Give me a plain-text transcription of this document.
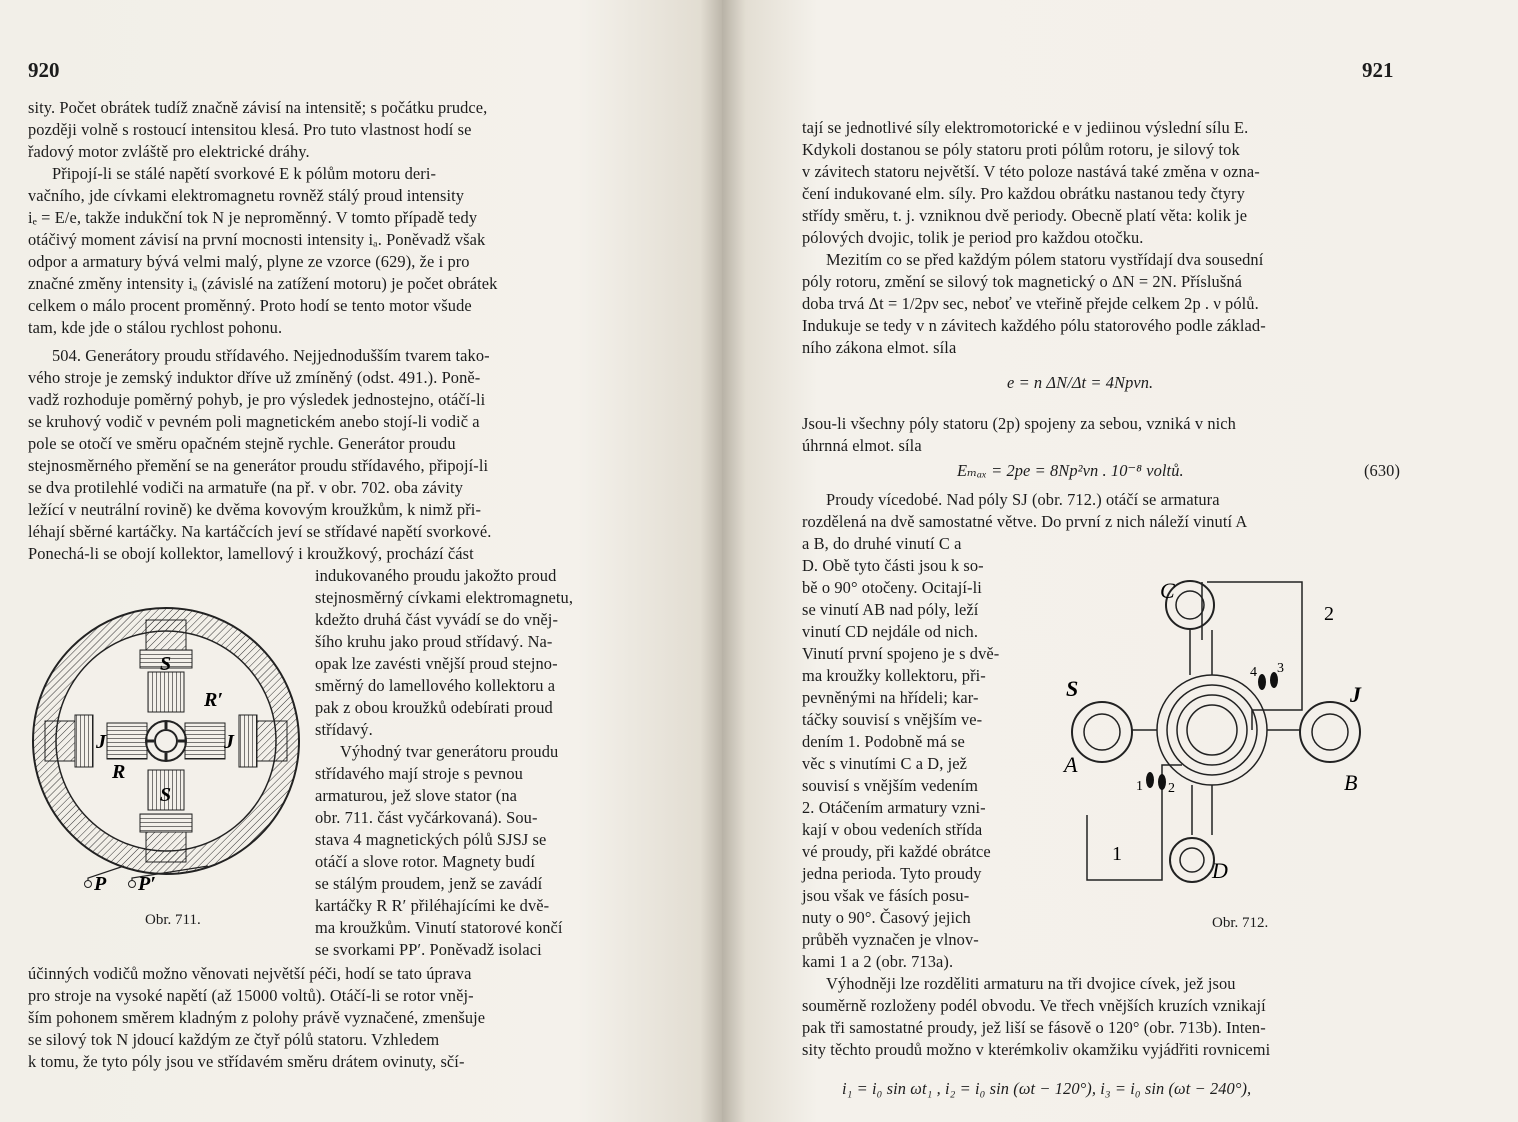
920
sity. Počet obrátek tudíž značně závisí na intensitě; s počátku prudce,
později volně s rostoucí intensitou klesá. Pro tuto vlastnost hodí se
řadový motor zvláště pro elektrické dráhy.
Připojí-li se stálé napětí svorkové E k pólům motoru deri-
vačního, jde cívkami elektromagnetu rovněž stálý proud intensity
iₑ = E/e, takže indukční tok N je neproměnný. V tomto případě tedy
otáčivý moment závisí na první mocnosti intensity iₐ. Poněvadž však
odpor a armatury bývá velmi malý, plyne ze vzorce (629), že i pro
značné změny intensity iₐ (závislé na zatížení motoru) je počet obrátek
celkem o málo procent proměnný. Proto hodí se tento motor všude
tam, kde jde o stálou rychlost pohonu.
504. Generátory proudu střídavého. Nejjednodušším tvarem tako-
vého stroje je zemský induktor dříve už zmíněný (odst. 491.). Poně-
vadž rozhoduje poměrný pohyb, je pro výsledek jednostejno, otáčí-li
se kruhový vodič v pevném poli magnetickém anebo stojí-li vodič a
pole se otočí ve směru opačném stejně rychle. Generátor proudu
stejnosměrného přemění se na generátor proudu střídavého, připojí-li
se dva protilehlé vodiči na armatuře (na př. v obr. 702. oba závity
ležící v neutrální rovině) ke dvěma kovovým kroužkům, k nimž při-
léhají sběrné kartáčky. Na kartáčcích jeví se střídavé napětí svorkové.
Ponechá-li se obojí kollektor, lamellový i kroužkový, prochází část
indukovaného proudu jakožto proud
stejnosměrný cívkami elektromagnetu,
kdežto druhá část vyvádí se do vněj-
šího kruhu jako proud střídavý. Na-
opak lze zavésti vnější proud stejno-
směrný do lamellového kollektoru a
pak z obou kroužků odebírati proud
střídavý.
Výhodný tvar generátoru proudu
střídavého mají stroje s pevnou
armaturou, jež slove stator (na
obr. 711. část vyčárkovaná). Sou-
stava 4 magnetických pólů SJSJ se
otáčí a slove rotor. Magnety budí
se stálým proudem, jenž se zavádí
kartáčky R R′ přiléhajícími ke dvě-
ma kroužkům. Vinutí statorové končí
se svorkami PP′. Poněvadž isolaci
účinných vodičů možno věnovati největší péči, hodí se tato úprava
pro stroje na vysoké napětí (až 15000 voltů). Otáčí-li se rotor vněj-
ším pohonem směrem kladným z polohy právě vyznačené, zmenšuje
se silový tok N jdoucí každým ze čtyř pólů statoru. Vzhledem
k tomu, že tyto póly jsou ve střídavém směru drátem ovinuty, sčí-
S
R′
J	J
R
S
P P′
Obr. 711.
921
tají se jednotlivé síly elektromotorické e v jediinou výslední sílu E.
Kdykoli dostanou se póly statoru proti pólům rotoru, je silový tok
v závitech statoru největší. V této poloze nastává také změna v ozna-
čení indukované elm. síly. Pro každou obrátku nastanou tedy čtyry
střídy směru, t. j. vzniknou dvě periody. Obecně platí věta: kolik je
pólových dvojic, tolik je period pro každou otočku.
Mezitím co se před každým pólem statoru vystřídají dva sousední
póly rotoru, změní se silový tok magnetický o ΔN = 2N. Příslušná
doba trvá Δt = 1/2pν sec, neboť ve vteřině přejde celkem 2p . ν pólů.
Indukuje se tedy v n závitech každého pólu statorového podle základ-
ního zákona elmot. síla
Jsou-li všechny póly statoru (2p) spojeny za sebou, vzniká v nich
úhrnná elmot. síla
Proudy vícedobé. Nad póly SJ (obr. 712.) otáčí se armatura
rozdělená na dvě samostatné větve. Do první z nich náleží vinutí A
a B, do druhé vinutí C a
D. Obě tyto části jsou k so-
bě o 90° otočeny. Ocitají-li
se vinutí AB nad póly, leží
vinutí CD nejdále od nich.
Vinutí první spojeno je s dvě-
ma kroužky kollektoru, při-
pevněnými na hřídeli; kar-
táčky souvisí s vnějším ve-
dením 1. Podobně má se
věc s vinutími C a D, jež
souvisí s vnějším vedením
2. Otáčením armatury vzni-
kají v obou vedeních střída
vé proudy, při každé obrátce
jedna perioda. Tyto proudy
jsou však ve fásích posu-
nuty o 90°. Časový jejich
průběh vyznačen je vlnov-
kami 1 a 2 (obr. 713a).
Výhodněji lze rozděliti armaturu na tři dvojice cívek, jež jsou
souměrně rozloženy podél obvodu. Ve třech vnějších kruzích vznikají
pak tři samostatné proudy, jež liší se fásově o 120° (obr. 713b). Inten-
sity těchto proudů možno v kterémkoliv okamžiku vyjádřiti rovnicemi
e = n ΔN/Δt = 4Npνn.
Eₘₐₓ = 2pe = 8Np²νn . 10⁻⁸ voltů.	(630)
i₁ = i₀ sin ωt₁ , i₂ = i₀ sin (ωt − 120°), i₃ = i₀ sin (ωt − 240°),
C
2
S
4 3
J
A
B
1 2
1
D
Obr. 712.
